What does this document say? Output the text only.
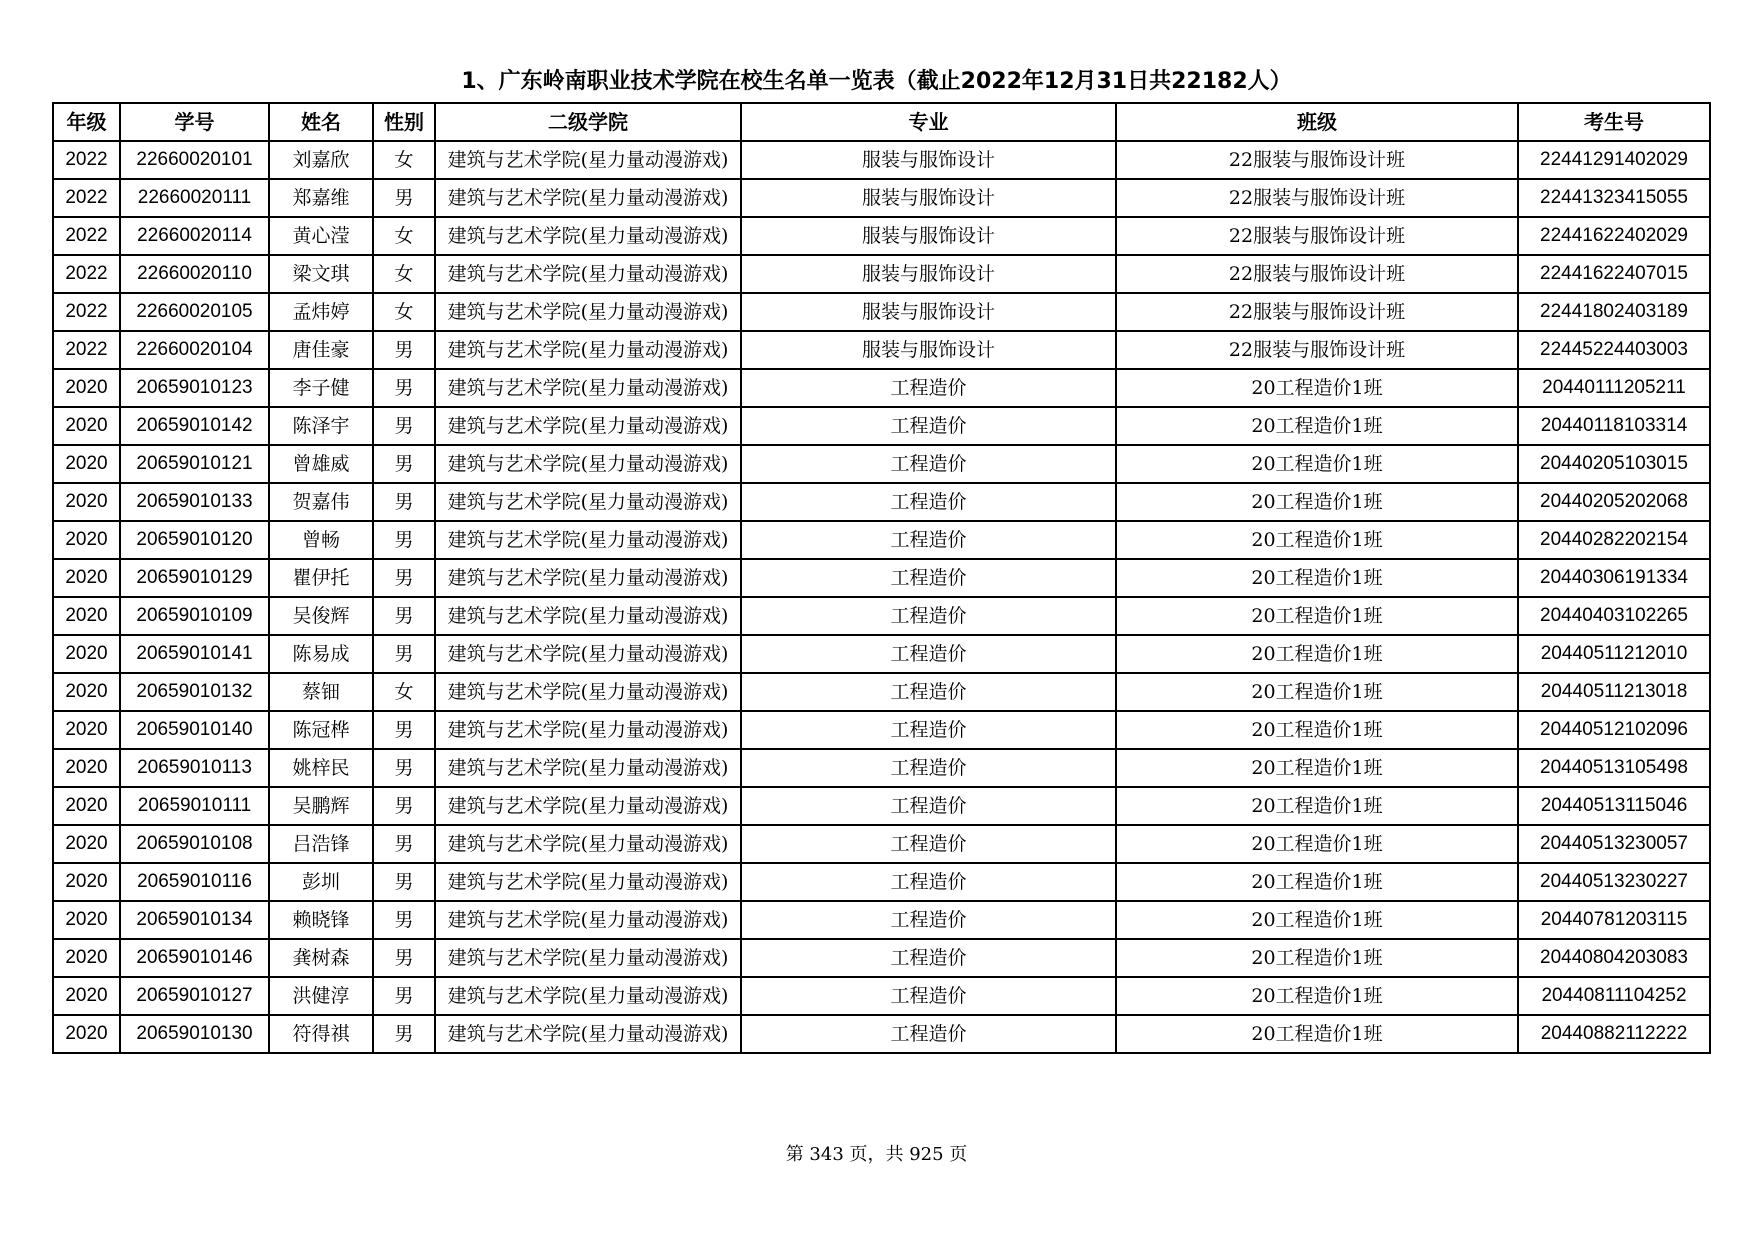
1、广东岭南职业技术学院在校生名单一览表（截止2022年12月31日共22182人）
年级	学号	姓名	性别	二级学院	专业	班级	考生号
2022	22660020101	刘嘉欣	女	建筑与艺术学院(星力量动漫游戏)	服装与服饰设计	22服装与服饰设计班	22441291402029
2022	22660020111	郑嘉维	男	建筑与艺术学院(星力量动漫游戏)	服装与服饰设计	22服装与服饰设计班	22441323415055
2022	22660020114	黄心滢	女	建筑与艺术学院(星力量动漫游戏)	服装与服饰设计	22服装与服饰设计班	22441622402029
2022	22660020110	梁文琪	女	建筑与艺术学院(星力量动漫游戏)	服装与服饰设计	22服装与服饰设计班	22441622407015
2022	22660020105	孟炜婷	女	建筑与艺术学院(星力量动漫游戏)	服装与服饰设计	22服装与服饰设计班	22441802403189
2022	22660020104	唐佳豪	男	建筑与艺术学院(星力量动漫游戏)	服装与服饰设计	22服装与服饰设计班	22445224403003
2020	20659010123	李子健	男	建筑与艺术学院(星力量动漫游戏)	工程造价	20工程造价1班	20440111205211
2020	20659010142	陈泽宇	男	建筑与艺术学院(星力量动漫游戏)	工程造价	20工程造价1班	20440118103314
2020	20659010121	曾雄威	男	建筑与艺术学院(星力量动漫游戏)	工程造价	20工程造价1班	20440205103015
2020	20659010133	贺嘉伟	男	建筑与艺术学院(星力量动漫游戏)	工程造价	20工程造价1班	20440205202068
2020	20659010120	曾畅	男	建筑与艺术学院(星力量动漫游戏)	工程造价	20工程造价1班	20440282202154
2020	20659010129	瞿伊托	男	建筑与艺术学院(星力量动漫游戏)	工程造价	20工程造价1班	20440306191334
2020	20659010109	吴俊辉	男	建筑与艺术学院(星力量动漫游戏)	工程造价	20工程造价1班	20440403102265
2020	20659010141	陈易成	男	建筑与艺术学院(星力量动漫游戏)	工程造价	20工程造价1班	20440511212010
2020	20659010132	蔡钿	女	建筑与艺术学院(星力量动漫游戏)	工程造价	20工程造价1班	20440511213018
2020	20659010140	陈冠桦	男	建筑与艺术学院(星力量动漫游戏)	工程造价	20工程造价1班	20440512102096
2020	20659010113	姚梓民	男	建筑与艺术学院(星力量动漫游戏)	工程造价	20工程造价1班	20440513105498
2020	20659010111	吴鹏辉	男	建筑与艺术学院(星力量动漫游戏)	工程造价	20工程造价1班	20440513115046
2020	20659010108	吕浩锋	男	建筑与艺术学院(星力量动漫游戏)	工程造价	20工程造价1班	20440513230057
2020	20659010116	彭圳	男	建筑与艺术学院(星力量动漫游戏)	工程造价	20工程造价1班	20440513230227
2020	20659010134	赖晓锋	男	建筑与艺术学院(星力量动漫游戏)	工程造价	20工程造价1班	20440781203115
2020	20659010146	龚树森	男	建筑与艺术学院(星力量动漫游戏)	工程造价	20工程造价1班	20440804203083
2020	20659010127	洪健淳	男	建筑与艺术学院(星力量动漫游戏)	工程造价	20工程造价1班	20440811104252
2020	20659010130	符得祺	男	建筑与艺术学院(星力量动漫游戏)	工程造价	20工程造价1班	20440882112222
第 343 页，共 925 页
